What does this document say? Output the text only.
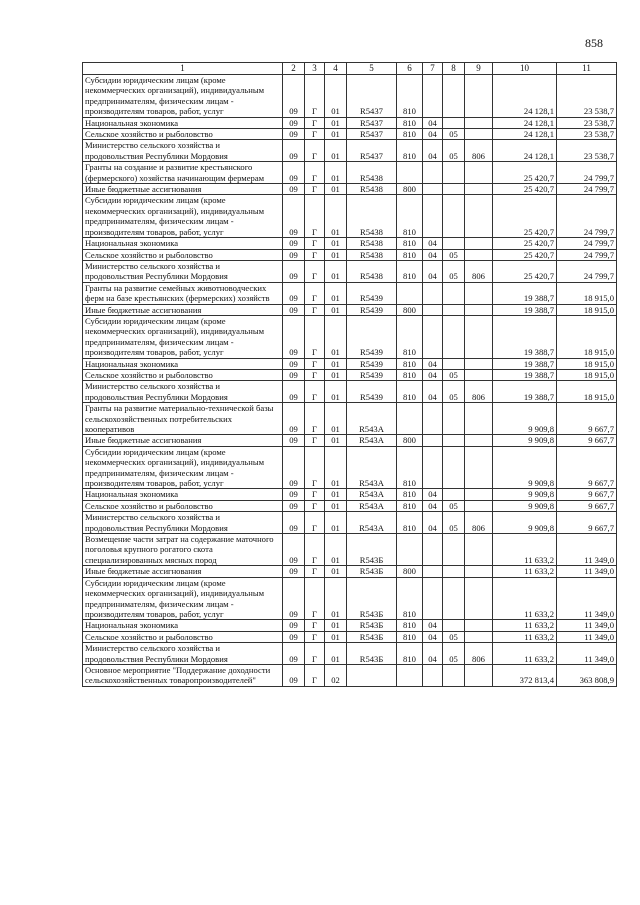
858
1	2	3	4	5	6	7	8	9	10	11
Субсидии юридическим лицам (кроме некоммерческих организаций), индивидуальным предпринимателям, физическим лицам - производителям товаров, работ, услуг	09	Г	01	R5437	810				24 128,1	23 538,7
Национальная экономика	09	Г	01	R5437	810	04			24 128,1	23 538,7
Сельское хозяйство и рыболовство	09	Г	01	R5437	810	04	05		24 128,1	23 538,7
Министерство сельского хозяйства и продовольствия Республики Мордовия	09	Г	01	R5437	810	04	05	806	24 128,1	23 538,7
Гранты на создание и развитие крестьянского (фермерского) хозяйства начинающим фермерам	09	Г	01	R5438					25 420,7	24 799,7
Иные бюджетные ассигнования	09	Г	01	R5438	800				25 420,7	24 799,7
Субсидии юридическим лицам (кроме некоммерческих организаций), индивидуальным предпринимателям, физическим лицам - производителям товаров, работ, услуг	09	Г	01	R5438	810				25 420,7	24 799,7
Национальная экономика	09	Г	01	R5438	810	04			25 420,7	24 799,7
Сельское хозяйство и рыболовство	09	Г	01	R5438	810	04	05		25 420,7	24 799,7
Министерство сельского хозяйства и продовольствия Республики Мордовия	09	Г	01	R5438	810	04	05	806	25 420,7	24 799,7
Гранты на развитие семейных животноводческих ферм на базе крестьянских (фермерских) хозяйств	09	Г	01	R5439					19 388,7	18 915,0
Иные бюджетные ассигнования	09	Г	01	R5439	800				19 388,7	18 915,0
Субсидии юридическим лицам (кроме некоммерческих организаций), индивидуальным предпринимателям, физическим лицам - производителям товаров, работ, услуг	09	Г	01	R5439	810				19 388,7	18 915,0
Национальная экономика	09	Г	01	R5439	810	04			19 388,7	18 915,0
Сельское хозяйство и рыболовство	09	Г	01	R5439	810	04	05		19 388,7	18 915,0
Министерство сельского хозяйства и продовольствия Республики Мордовия	09	Г	01	R5439	810	04	05	806	19 388,7	18 915,0
Гранты на развитие материально-технической базы сельскохозяйственных потребительских кооперативов	09	Г	01	R543А					9 909,8	9 667,7
Иные бюджетные ассигнования	09	Г	01	R543А	800				9 909,8	9 667,7
Субсидии юридическим лицам (кроме некоммерческих организаций), индивидуальным предпринимателям, физическим лицам - производителям товаров, работ, услуг	09	Г	01	R543А	810				9 909,8	9 667,7
Национальная экономика	09	Г	01	R543А	810	04			9 909,8	9 667,7
Сельское хозяйство и рыболовство	09	Г	01	R543А	810	04	05		9 909,8	9 667,7
Министерство сельского хозяйства и продовольствия Республики Мордовия	09	Г	01	R543А	810	04	05	806	9 909,8	9 667,7
Возмещение части затрат на содержание маточного поголовья крупного рогатого скота специализированных мясных пород	09	Г	01	R543Б					11 633,2	11 349,0
Иные бюджетные ассигнования	09	Г	01	R543Б	800				11 633,2	11 349,0
Субсидии юридическим лицам (кроме некоммерческих организаций), индивидуальным предпринимателям, физическим лицам - производителям товаров, работ, услуг	09	Г	01	R543Б	810				11 633,2	11 349,0
Национальная экономика	09	Г	01	R543Б	810	04			11 633,2	11 349,0
Сельское хозяйство и рыболовство	09	Г	01	R543Б	810	04	05		11 633,2	11 349,0
Министерство сельского хозяйства и продовольствия Республики Мордовия	09	Г	01	R543Б	810	04	05	806	11 633,2	11 349,0
Основное мероприятие "Поддержание доходности сельскохозяйственных товаропроизводителей"	09	Г	02						372 813,4	363 808,9
